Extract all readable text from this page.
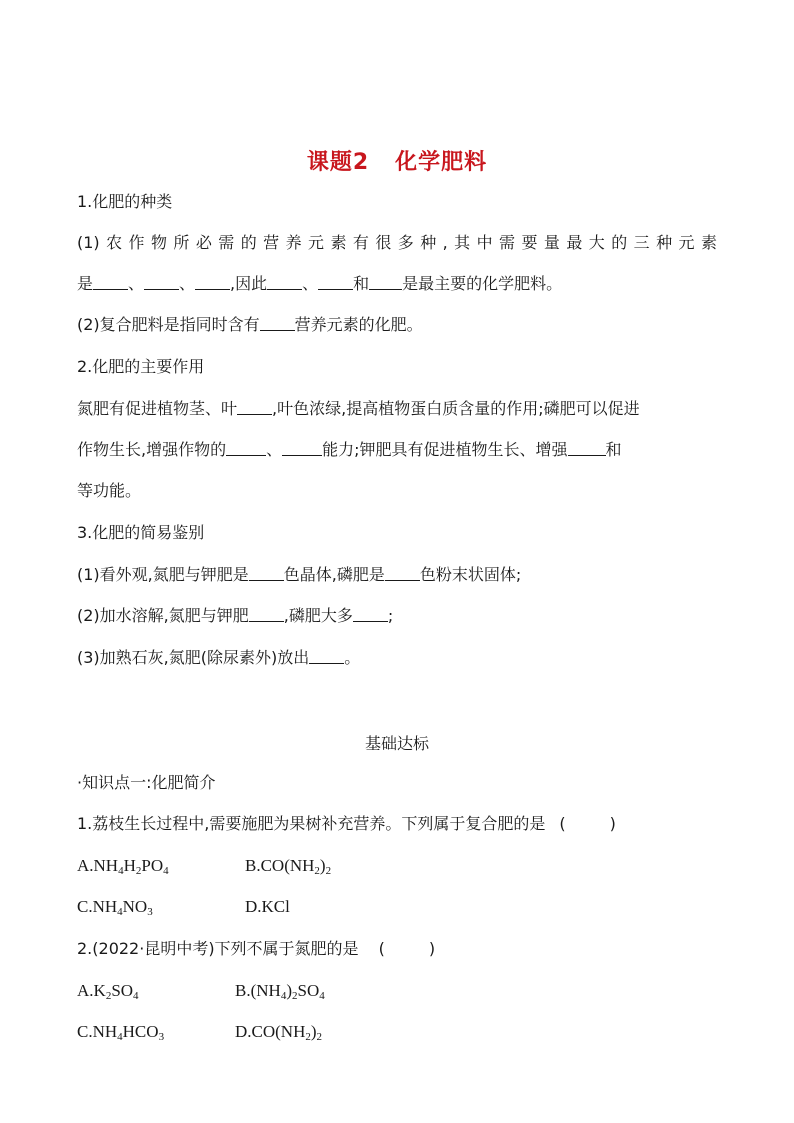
课题2 化学肥料
1.化肥的种类
(1)农作物所必需的营养元素有很多种,其中需要量最大的三种元素
是 、 、 ,因此 、 和 是最主要的化学肥料。
(2)复合肥料是指同时含有 营养元素的化肥。
2.化肥的主要作用
氮肥有促进植物茎、叶 ,叶色浓绿,提高植物蛋白质含量的作用;磷肥可以促进
作物生长,增强作物的	、	能力;钾肥具有促进植物生长、增强 和
等功能。
3.化肥的简易鉴别
(1)看外观,氮肥与钾肥是 色晶体,磷肥是 色粉末状固体;
(2)加水溶解,氮肥与钾肥 ,磷肥大多 ;
(3)加熟石灰,氮肥(除尿素外)放出 。
基础达标
·知识点一:化肥简介
1.荔枝生长过程中,需要施肥为果树补充营养。下列属于复合肥的是 (	)
$A.NH_4H_2PO_4$	$B.CO(NH_2)_2$
$C.NH_4NO_3$	D.KCl
2.(2022·昆明中考)下列不属于氮肥的是 (	)
$A.K_2SO_4$	$B.(NH_4)_2SO_4$
$C.NH_4HCO_3$	$D.CO(NH_2)_2$
